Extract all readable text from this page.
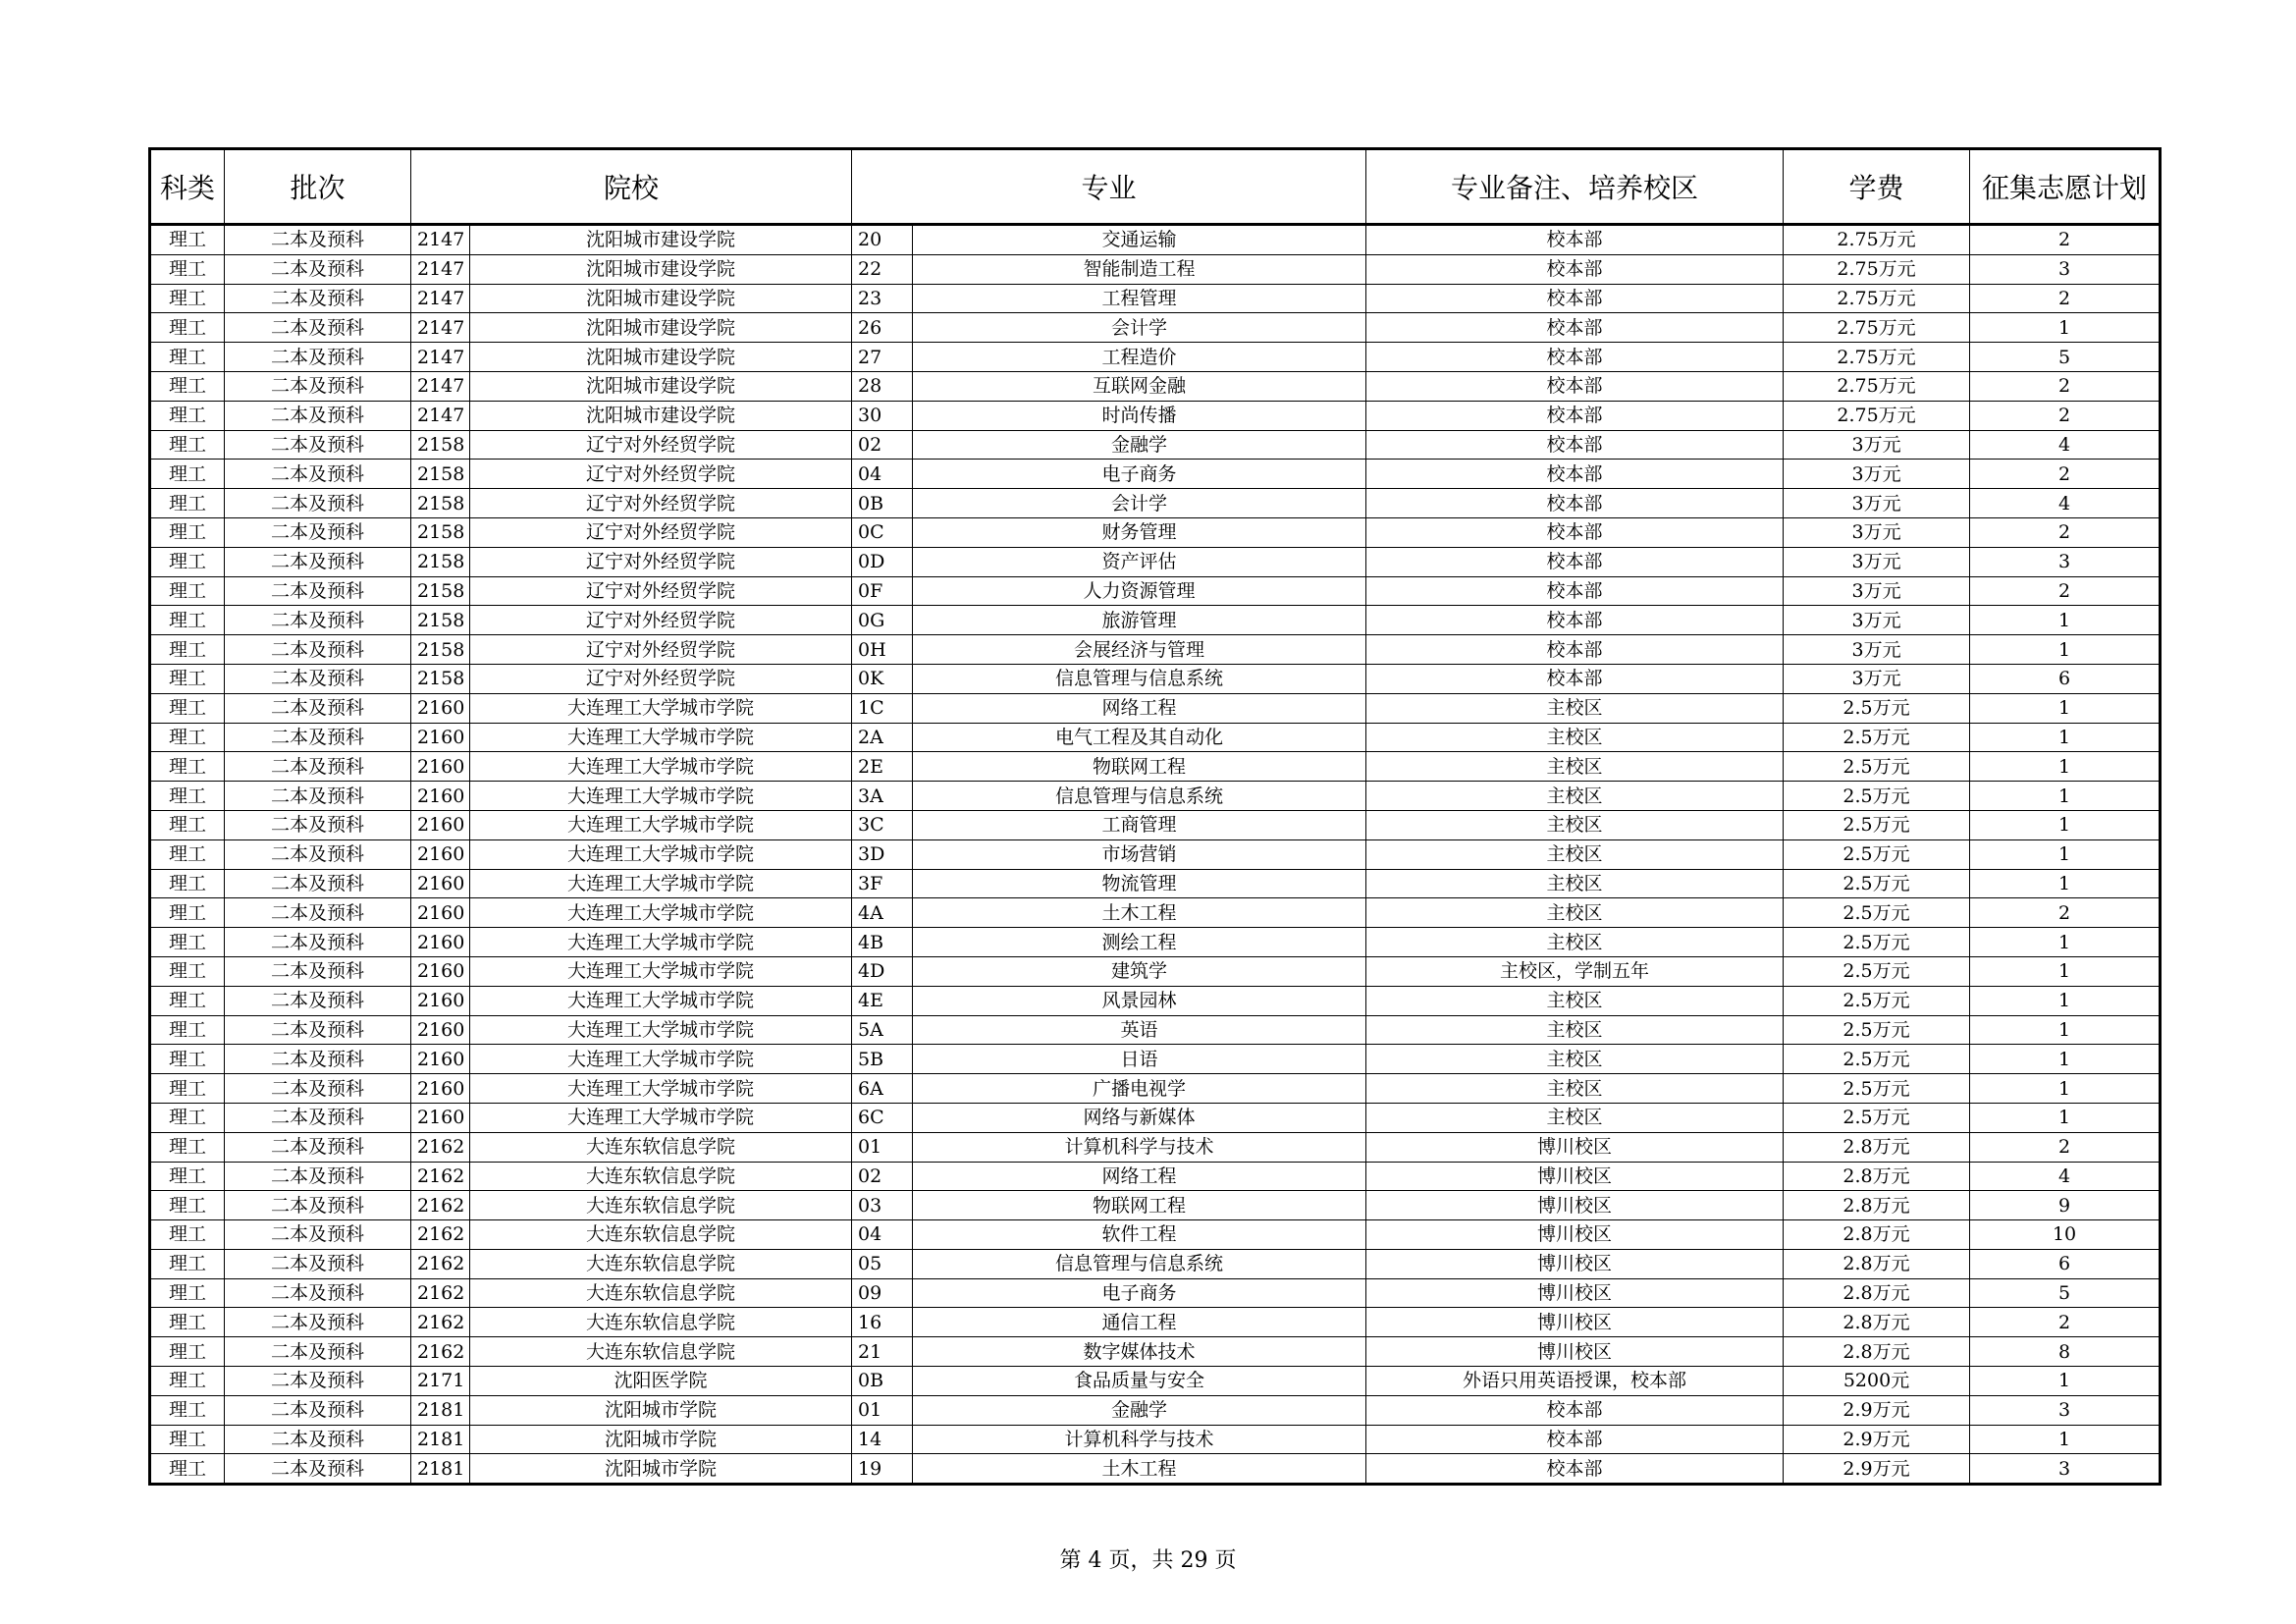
科类	批次	院校		专业		专业备注、培养校区	学费	征集志愿计划
理工	二本及预科	2147	沈阳城市建设学院	20	交通运输	校本部	2.75万元	2
理工	二本及预科	2147	沈阳城市建设学院	22	智能制造工程	校本部	2.75万元	3
理工	二本及预科	2147	沈阳城市建设学院	23	工程管理	校本部	2.75万元	2
理工	二本及预科	2147	沈阳城市建设学院	26	会计学	校本部	2.75万元	1
理工	二本及预科	2147	沈阳城市建设学院	27	工程造价	校本部	2.75万元	5
理工	二本及预科	2147	沈阳城市建设学院	28	互联网金融	校本部	2.75万元	2
理工	二本及预科	2147	沈阳城市建设学院	30	时尚传播	校本部	2.75万元	2
理工	二本及预科	2158	辽宁对外经贸学院	02	金融学	校本部	3万元	4
理工	二本及预科	2158	辽宁对外经贸学院	04	电子商务	校本部	3万元	2
理工	二本及预科	2158	辽宁对外经贸学院	0B	会计学	校本部	3万元	4
理工	二本及预科	2158	辽宁对外经贸学院	0C	财务管理	校本部	3万元	2
理工	二本及预科	2158	辽宁对外经贸学院	0D	资产评估	校本部	3万元	3
理工	二本及预科	2158	辽宁对外经贸学院	0F	人力资源管理	校本部	3万元	2
理工	二本及预科	2158	辽宁对外经贸学院	0G	旅游管理	校本部	3万元	1
理工	二本及预科	2158	辽宁对外经贸学院	0H	会展经济与管理	校本部	3万元	1
理工	二本及预科	2158	辽宁对外经贸学院	0K	信息管理与信息系统	校本部	3万元	6
理工	二本及预科	2160	大连理工大学城市学院	1C	网络工程	主校区	2.5万元	1
理工	二本及预科	2160	大连理工大学城市学院	2A	电气工程及其自动化	主校区	2.5万元	1
理工	二本及预科	2160	大连理工大学城市学院	2E	物联网工程	主校区	2.5万元	1
理工	二本及预科	2160	大连理工大学城市学院	3A	信息管理与信息系统	主校区	2.5万元	1
理工	二本及预科	2160	大连理工大学城市学院	3C	工商管理	主校区	2.5万元	1
理工	二本及预科	2160	大连理工大学城市学院	3D	市场营销	主校区	2.5万元	1
理工	二本及预科	2160	大连理工大学城市学院	3F	物流管理	主校区	2.5万元	1
理工	二本及预科	2160	大连理工大学城市学院	4A	土木工程	主校区	2.5万元	2
理工	二本及预科	2160	大连理工大学城市学院	4B	测绘工程	主校区	2.5万元	1
理工	二本及预科	2160	大连理工大学城市学院	4D	建筑学	主校区，学制五年	2.5万元	1
理工	二本及预科	2160	大连理工大学城市学院	4E	风景园林	主校区	2.5万元	1
理工	二本及预科	2160	大连理工大学城市学院	5A	英语	主校区	2.5万元	1
理工	二本及预科	2160	大连理工大学城市学院	5B	日语	主校区	2.5万元	1
理工	二本及预科	2160	大连理工大学城市学院	6A	广播电视学	主校区	2.5万元	1
理工	二本及预科	2160	大连理工大学城市学院	6C	网络与新媒体	主校区	2.5万元	1
理工	二本及预科	2162	大连东软信息学院	01	计算机科学与技术	博川校区	2.8万元	2
理工	二本及预科	2162	大连东软信息学院	02	网络工程	博川校区	2.8万元	4
理工	二本及预科	2162	大连东软信息学院	03	物联网工程	博川校区	2.8万元	9
理工	二本及预科	2162	大连东软信息学院	04	软件工程	博川校区	2.8万元	10
理工	二本及预科	2162	大连东软信息学院	05	信息管理与信息系统	博川校区	2.8万元	6
理工	二本及预科	2162	大连东软信息学院	09	电子商务	博川校区	2.8万元	5
理工	二本及预科	2162	大连东软信息学院	16	通信工程	博川校区	2.8万元	2
理工	二本及预科	2162	大连东软信息学院	21	数字媒体技术	博川校区	2.8万元	8
理工	二本及预科	2171	沈阳医学院	0B	食品质量与安全	外语只用英语授课，校本部	5200元	1
理工	二本及预科	2181	沈阳城市学院	01	金融学	校本部	2.9万元	3
理工	二本及预科	2181	沈阳城市学院	14	计算机科学与技术	校本部	2.9万元	1
理工	二本及预科	2181	沈阳城市学院	19	土木工程	校本部	2.9万元	3
第 4 页，共 29 页
